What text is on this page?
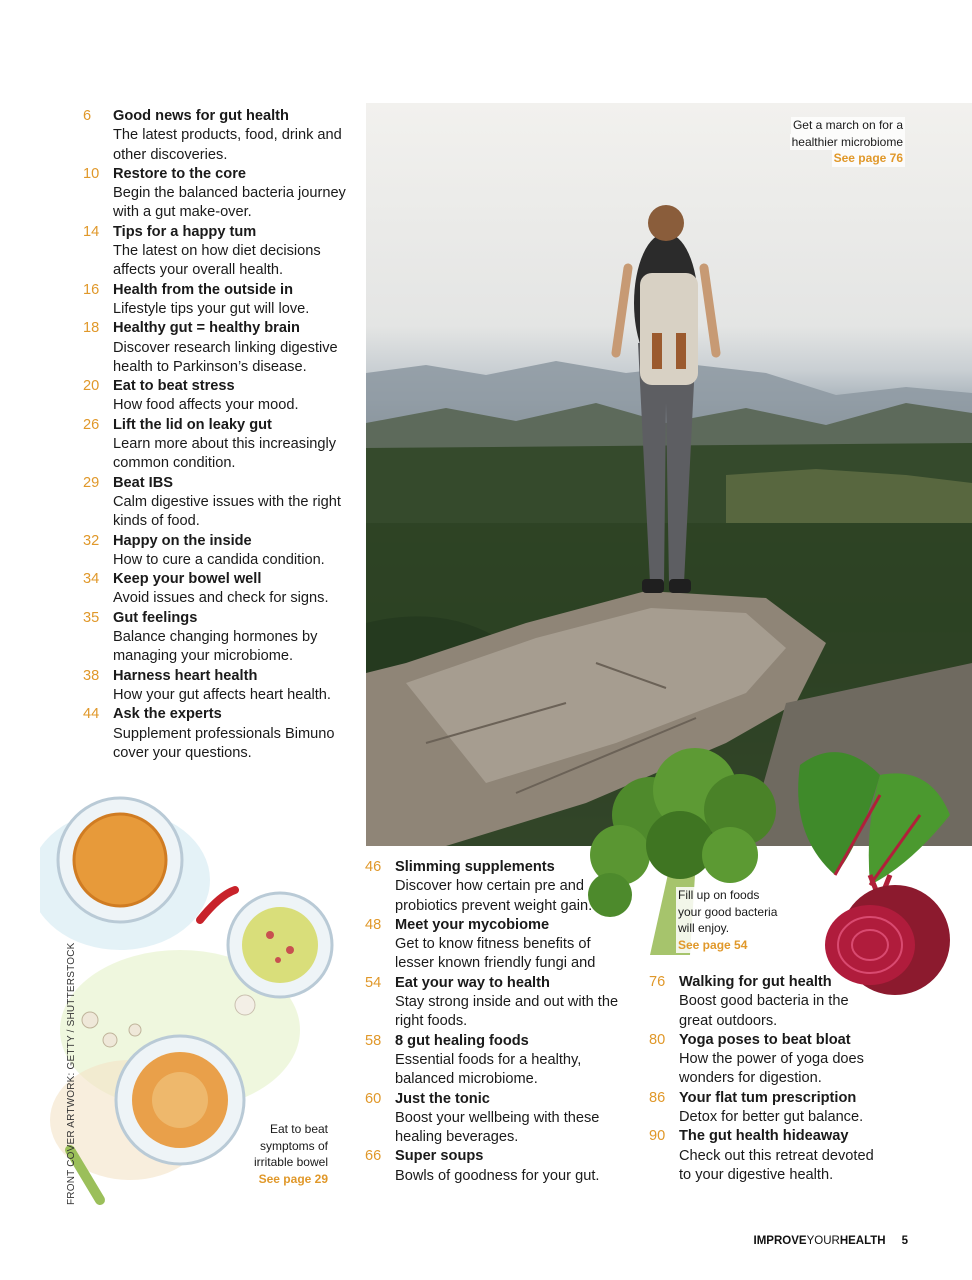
6 Good news for gut health
The latest products, food, drink and other discoveries.
10 Restore to the core
Begin the balanced bacteria journey with a gut make-over.
14 Tips for a happy tum
The latest on how diet decisions affects your overall health.
16 Health from the outside in
Lifestyle tips your gut will love.
18 Healthy gut = healthy brain
Discover research linking digestive health to Parkinson’s disease.
20 Eat to beat stress
How food affects your mood.
26 Lift the lid on leaky gut
Learn more about this increasingly common condition.
29 Beat IBS
Calm digestive issues with the right kinds of food.
32 Happy on the inside
How to cure a candida condition.
34 Keep your bowel well
Avoid issues and check for signs.
35 Gut feelings
Balance changing hormones by managing your microbiome.
38 Harness heart health
How your gut affects heart health.
44 Ask the experts
Supplement professionals Bimuno cover your questions.
Get a march on for a
healthier microbiome
See page 76
Fill up on foods
your good bacteria
will enjoy.
See page 54
Eat to beat
symptoms of
irritable bowel
See page 29
FRONT COVER ARTWORK: GETTY / SHUTTERSTOCK
46 Slimming supplements
Discover how certain pre and probiotics prevent weight gain.
48 Meet your mycobiome
Get to know fitness benefits of lesser known friendly fungi and
54 Eat your way to health
Stay strong inside and out with the right foods.
58 8 gut healing foods
Essential foods for a healthy, balanced microbiome.
60 Just the tonic
Boost your wellbeing with these healing beverages.
66 Super soups
Bowls of goodness for your gut.
76 Walking for gut health
Boost good bacteria in the great outdoors.
80 Yoga poses to beat bloat
How the power of yoga does wonders for digestion.
86 Your flat tum prescription
Detox for better gut balance.
90 The gut health hideaway
Check out this retreat devoted to your digestive health.
IMPROVEYOURHEALTH 5
